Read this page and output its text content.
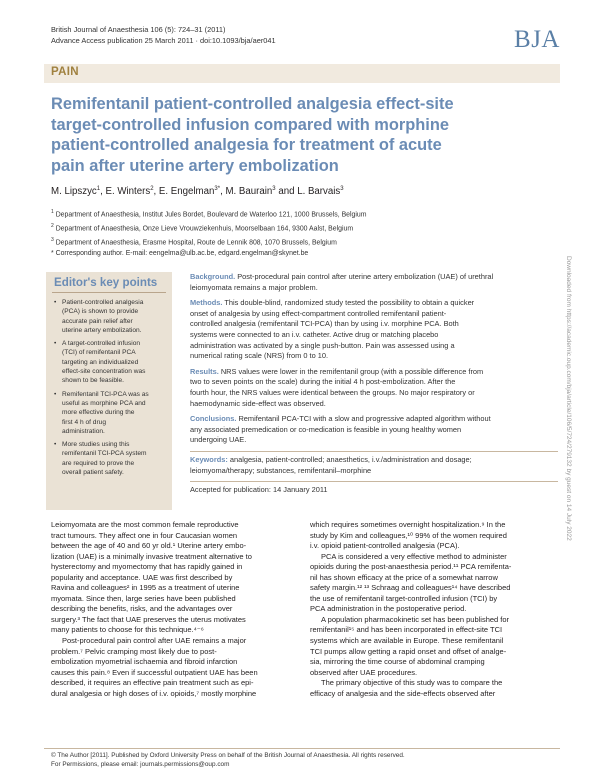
British Journal of Anaesthesia 106 (5): 724–31 (2011)
Advance Access publication 25 March 2011 · doi:10.1093/bja/aer041	BJA
PAIN
Remifentanil patient-controlled analgesia effect-site
target-controlled infusion compared with morphine
patient-controlled analgesia for treatment of acute
pain after uterine artery embolization
M. Lipszyc$^1$, E. Winters$^2$, E. Engelman$^{3*}$, M. Baurain$^3$ and L. Barvais$^3$
$^1$ Department of Anaesthesia, Institut Jules Bordet, Boulevard de Waterloo 121, 1000 Brussels, Belgium
$^2$ Department of Anaesthesia, Onze Lieve Vrouwziekenhuis, Moorselbaan 164, 9300 Aalst, Belgium
$^3$ Department of Anaesthesia, Erasme Hospital, Route de Lennik 808, 1070 Brussels, Belgium
* Corresponding author. E-mail: eengelma@ulb.ac.be, edgard.engelman@skynet.be
Downloaded from https://academic.oup.com/bja/article/106/5/724/279132 by guest on 14 July 2022
Editor's key points
• Patient-controlled analgesia
(PCA) is shown to provide
accurate pain relief after
uterine artery embolization.
• A target-controlled infusion
(TCI) of remifentanil PCA
targeting an individualized
effect-site concentration was
shown to be feasible.
• Remifentanil TCI-PCA was as
useful as morphine PCA and
more effective during the
first 4 h of drug
administration.
• More studies using this
remifentanil TCI-PCA system
are required to prove the
overall patient safety.
Background. Post-procedural pain control after uterine artery embolization (UAE) of urethral
leiomyomata remains a major problem.
Methods. This double-blind, randomized study tested the possibility to obtain a quicker
onset of analgesia by using effect-compartment controlled remifentanil patient-
controlled analgesia (remifentanil TCI-PCA) than by using i.v. morphine PCA. Both
systems were connected to an i.v. catheter. Active drug or matching placebo
administration was activated by a single push-button. Pain was assessed using a
numerical rating scale (NRS) from 0 to 10.
Results. NRS values were lower in the remifentanil group (with a possible difference from
two to seven points on the scale) during the initial 4 h post-embolization. After the
fourth hour, the NRS values were identical between the groups. No major respiratory or
haemodynamic side-effect was observed.
Conclusions. Remifentanil PCA-TCI with a slow and progressive adapted algorithm without
any associated premedication or co-medication is feasible in young healthy women
undergoing UAE.
Keywords: analgesia, patient-controlled; anaesthetics, i.v./administration and dosage;
leiomyoma/therapy; substances, remifentanil–morphine
Accepted for publication: 14 January 2011
Leiomyomata are the most common female reproductive
tract tumours. They affect one in four Caucasian women
between the age of 40 and 60 yr old.¹ Uterine artery embo-
lization (UAE) is a minimally invasive treatment alternative to
hysterectomy and myomectomy that has rapidly gained in
popularity and acceptance. UAE was first described by
Ravina and colleagues² in 1995 as a treatment of uterine
myomata. Since then, large series have been published
describing the benefits, risks, and the advantages over
surgery.³ The fact that UAE preserves the uterus motivates
many patients to choose for this technique.⁴⁻⁶
Post-procedural pain control after UAE remains a major
problem.⁷ Pelvic cramping most likely due to post-
embolization myometrial ischaemia and fibroid infarction
causes this pain.⁸ Even if successful outpatient UAE has been
described, it requires an effective pain treatment such as epi-
dural analgesia or high doses of i.v. opioids,⁷ mostly morphine
which requires sometimes overnight hospitalization.⁹ In the
study by Kim and colleagues,¹⁰ 99% of the women required
i.v. opioid patient-controlled analgesia (PCA).
PCA is considered a very effective method to administer
opioids during the post-anaesthesia period.¹¹ PCA remifenta-
nil has shown efficacy at the price of a somewhat narrow
safety margin.¹² ¹³ Schraag and colleagues¹⁴ have described
the use of remifentanil target-controlled infusion (TCI) by
PCA administration in the postoperative period.
A population pharmacokinetic set has been published for
remifentanil¹⁵ and has been incorporated in effect-site TCI
systems which are available in Europe. These remifentanil
TCI pumps allow getting a rapid onset and offset of analge-
sia, mirroring the time course of abdominal cramping
observed after UAE procedures.
The primary objective of this study was to compare the
efficacy of analgesia and the side-effects observed after
© The Author [2011]. Published by Oxford University Press on behalf of the British Journal of Anaesthesia. All rights reserved.
For Permissions, please email: journals.permissions@oup.com
